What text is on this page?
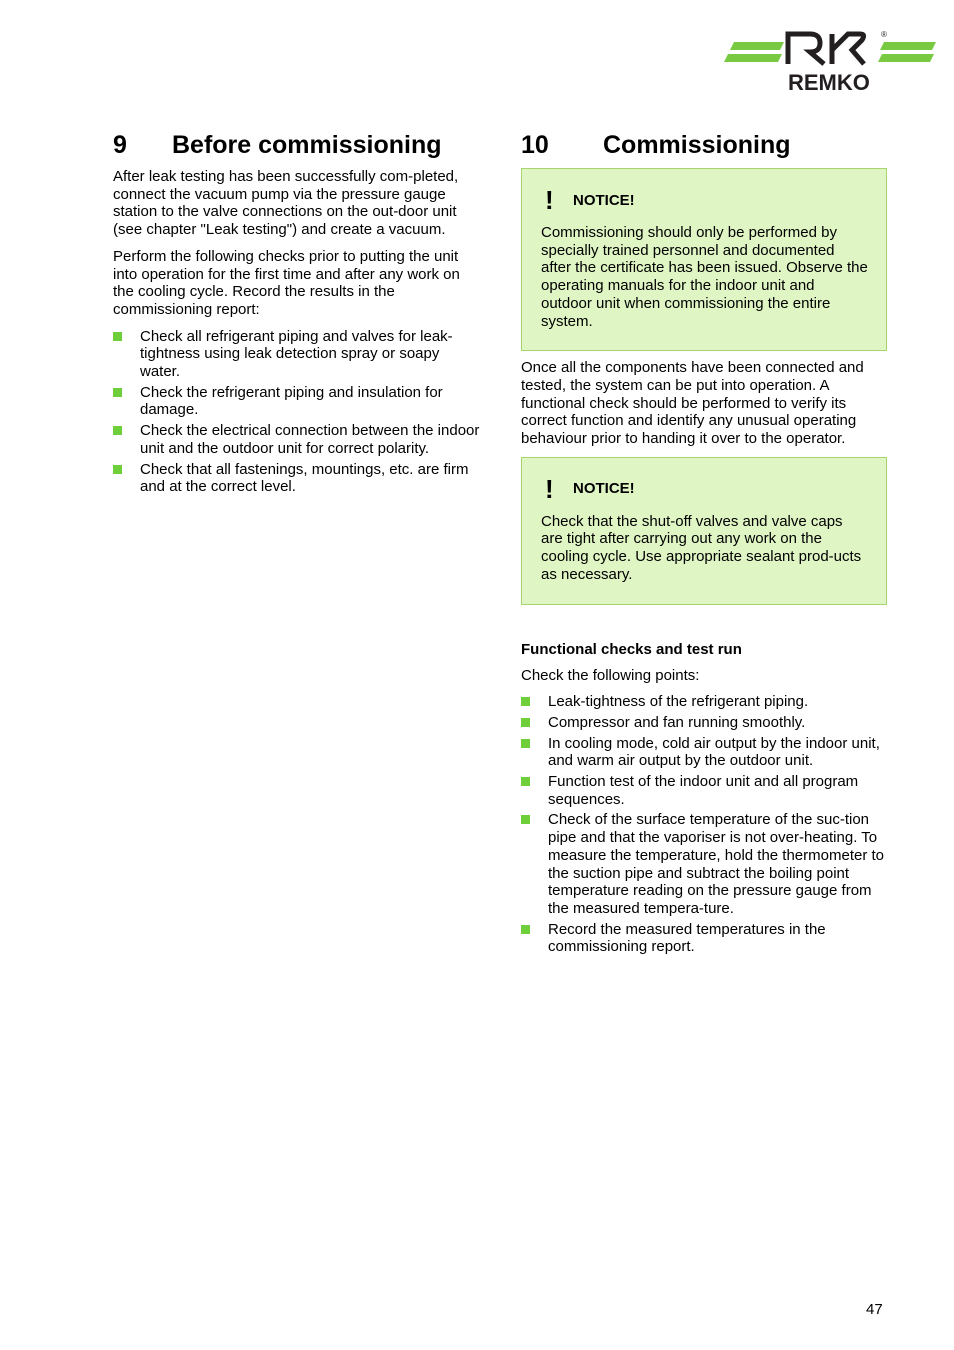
REMKO
®
9	Before commissioning

After leak testing has been successfully com-pleted, connect the vacuum pump via the pressure gauge station to the valve connections on the out-door unit (see chapter "Leak testing") and create a vacuum.

Perform the following checks prior to putting the unit into operation for the first time and after any work on the cooling cycle. Record the results in the commissioning report:

Check all refrigerant piping and valves for leak-tightness using leak detection spray or soapy water.
Check the refrigerant piping and insulation for damage.
Check the electrical connection between the indoor unit and the outdoor unit for correct polarity.
Check that all fastenings, mountings, etc. are firm and at the correct level.
10	Commissioning
!	NOTICE!
Commissioning should only be performed by specially trained personnel and documented after the certificate has been issued. Observe the operating manuals for the indoor unit and outdoor unit when commissioning the entire system.

Once all the components have been connected and tested, the system can be put into operation. A functional check should be performed to verify its correct function and identify any unusual operating behaviour prior to handing it over to the operator.

!	NOTICE!
Check that the shut-off valves and valve caps are tight after carrying out any work on the cooling cycle. Use appropriate sealant prod-ucts as necessary.
Functional checks and test run

Check the following points:

Leak-tightness of the refrigerant piping.
Compressor and fan running smoothly.
In cooling mode, cold air output by the indoor unit, and warm air output by the outdoor unit.
Function test of the indoor unit and all program sequences.
Check of the surface temperature of the suc-tion pipe and that the vaporiser is not over-heating. To measure the temperature, hold the thermometer to the suction pipe and subtract the boiling point temperature reading on the pressure gauge from the measured tempera-ture.
Record the measured temperatures in the commissioning report.
47
